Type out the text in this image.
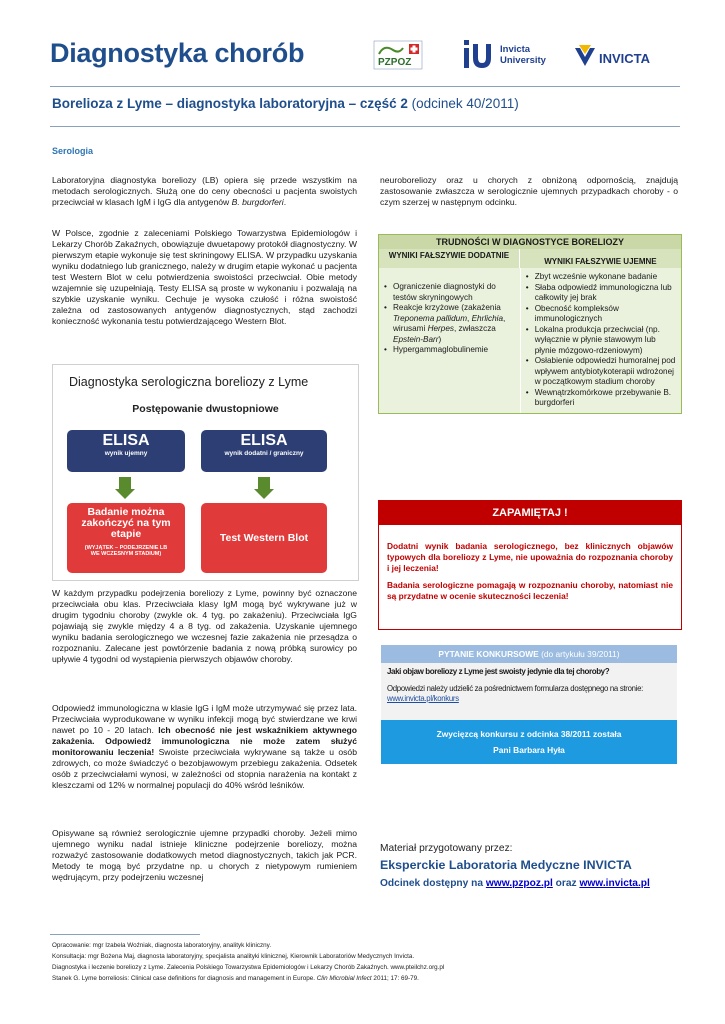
Diagnostyka chorób	PZPOZ
Invicta
University	INVICTA
Borelioza z Lyme – diagnostyka laboratoryjna – część 2 (odcinek 40/2011)
Serologia
Laboratoryjna diagnostyka boreliozy (LB) opiera się przede wszystkim na metodach serologicznych. Służą one do ceny obecności u pacjenta swoistych przeciwciał w klasach IgM i IgG dla antygenów B. burgdorferi.
W Polsce, zgodnie z zaleceniami Polskiego Towarzystwa Epidemiologów i Lekarzy Chorób Zakaźnych, obowiązuje dwuetapowy protokół diagnostyczny. W pierwszym etapie wykonuje się test skriningowy ELISA. W przypadku uzyskania wyniku dodatniego lub granicznego, należy w drugim etapie wykonać u pacjenta test Western Blot w celu potwierdzenia swoistości przeciwciał. Obie metody wzajemnie się uzupełniają. Testy ELISA są proste w wykonaniu i pozwalają na szybkie uzyskanie wyniku. Cechuje je wysoka czułość i różna swoistość zależna od zastosowanych antygenów diagnostycznych, stąd zachodzi konieczność wykonania testu potwierdzającego Western Blot.
Diagnostyka serologiczna boreliozy z Lyme
Postępowanie dwustopniowe
ELISA
wynik ujemny
ELISA
wynik dodatni / graniczny
Badanie można
zakończyć na tym
etapie
(WYJĄTEK – PODEJRZENIE LB
WE WCZESNYM STADIUM)
Test Western Blot
W każdym przypadku podejrzenia boreliozy z Lyme, powinny być oznaczone przeciwciała obu klas. Przeciwciała klasy IgM mogą być wykrywane już w drugim tygodniu choroby (zwykle ok. 4 tyg. po zakażeniu). Przeciwciała IgG pojawiają się zwykle między 4 a 8 tyg. od zakażenia. Uzyskanie ujemnego wyniku badania serologicznego we wczesnej fazie zakażenia nie przesądza o rozpoznaniu. Zalecane jest powtórzenie badania z nową próbką surowicy po upływie 4 tygodni od wystąpienia pierwszych objawów choroby.
Odpowiedź immunologiczna w klasie IgG i IgM może utrzymywać się przez lata. Przeciwciała wyprodukowane w wyniku infekcji mogą być stwierdzane we krwi nawet po 10 - 20 latach. Ich obecność nie jest wskaźnikiem aktywnego zakażenia. Odpowiedź immunologiczna nie może zatem służyć monitorowaniu leczenia! Swoiste przeciwciała wykrywane są także u osób zdrowych, co może świadczyć o bezobjawowym przebiegu zakażenia. Odsetek osób z przeciwciałami wynosi, w zależności od stopnia narażenia na kontakt z kleszczami od 12% w normalnej populacji do 40% wśród leśników.
Opisywane są również serologicznie ujemne przypadki choroby. Jeżeli mimo ujemnego wyniku nadal istnieje kliniczne podejrzenie boreliozy, można rozważyć zastosowanie dodatkowych metod diagnostycznych, takich jak PCR. Metody te mogą być przydatne np. u chorych z nietypowym rumieniem wędrującym, przy podejrzeniu wczesnej
neuroboreliozy oraz u chorych z obniżoną odpornością, znajdują zastosowanie zwłaszcza w serologicznie ujemnych przypadkach choroby - o czym szerzej w następnym odcinku.
TRUDNOŚCI W DIAGNOSTYCE BORELIOZY
WYNIKI FAŁSZYWIE DODATNIE
WYNIKI FAŁSZYWIE UJEMNE
• Ograniczenie diagnostyki do testów skryningowych
• Reakcje krzyżowe (zakażenia Treponema pallidum, Ehrlichia, wirusami Herpes, zwłaszcza Epstein-Barr)
• Hypergammaglobulinemie
• Zbyt wcześnie wykonane badanie
• Słaba odpowiedź immunologiczna lub całkowity jej brak
• Obecność kompleksów immunologicznych
• Lokalna produkcja przeciwciał (np. wyłącznie w płynie stawowym lub płynie mózgowo-rdzeniowym)
• Osłabienie odpowiedzi humoralnej pod wpływem antybiotykoterapii wdrożonej w początkowym stadium choroby
• Wewnątrzkomórkowe przebywanie B. burgdorferi
ZAPAMIĘTAJ !
Dodatni wynik badania serologicznego, bez klinicznych objawów typowych dla boreliozy z Lyme, nie upoważnia do rozpoznania choroby i jej leczenia!
Badania serologiczne pomagają w rozpoznaniu choroby, natomiast nie są przydatne w ocenie skuteczności leczenia!
PYTANIE KONKURSOWE (do artykułu 39/2011)
Jaki objaw boreliozy z Lyme jest swoisty jedynie dla tej choroby?
Odpowiedzi należy udzielić za pośrednictwem formularza dostępnego na stronie:
www.invicta.pl/konkurs
Zwycięzcą konkursu z odcinka 38/2011 została
Pani Barbara Hyła
Materiał przygotowany przez:
Eksperckie Laboratoria Medyczne INVICTA
Odcinek dostępny na www.pzpoz.pl oraz www.invicta.pl
Opracowanie: mgr Izabela Woźniak, diagnosta laboratoryjny, analityk kliniczny.
Konsultacja: mgr Bożena Maj, diagnosta laboratoryjny, specjalista analityki klinicznej, Kierownik Laboratoriów Medycznych Invicta.
Diagnostyka i leczenie boreliozy z Lyme. Zalecenia Polskiego Towarzystwa Epidemiologów i Lekarzy Chorób Zakaźnych. www.pteilchz.org.pl
Stanek G. Lyme borreliosis: Clinical case definitions for diagnosis and management in Europe. Clin Microbial Infect 2011; 17: 69-79.
